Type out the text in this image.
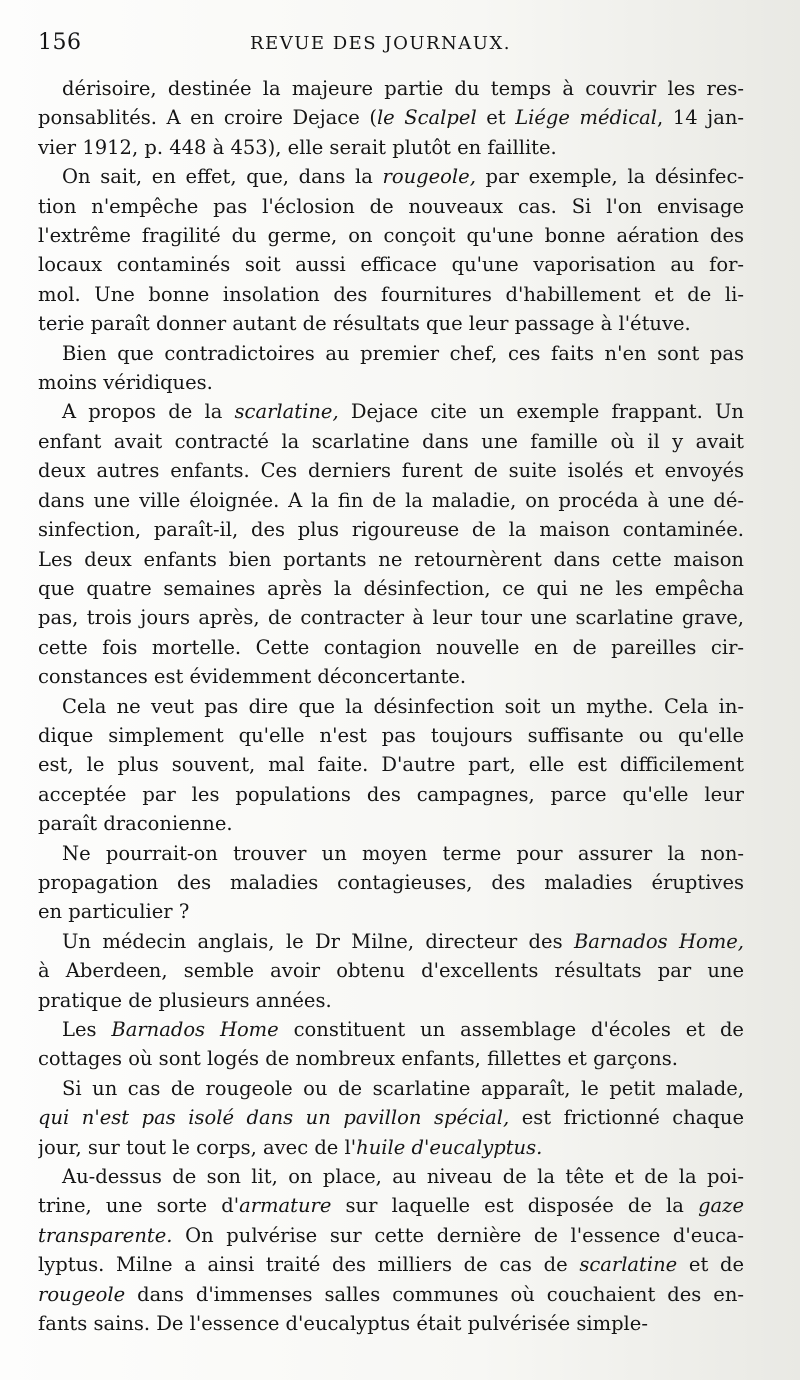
156	REVUE DES JOURNAUX.
dérisoire, destinée la majeure partie du temps à couvrir les res-
ponsablités. A en croire Dejace (le Scalpel et Liége médical, 14 jan-
vier 1912, p. 448 à 453), elle serait plutôt en faillite.
On sait, en effet, que, dans la rougeole, par exemple, la désinfec-
tion n'empêche pas l'éclosion de nouveaux cas. Si l'on envisage
l'extrême fragilité du germe, on conçoit qu'une bonne aération des
locaux contaminés soit aussi efficace qu'une vaporisation au for-
mol. Une bonne insolation des fournitures d'habillement et de li-
terie paraît donner autant de résultats que leur passage à l'étuve.
Bien que contradictoires au premier chef, ces faits n'en sont pas
moins véridiques.
A propos de la scarlatine, Dejace cite un exemple frappant. Un
enfant avait contracté la scarlatine dans une famille où il y avait
deux autres enfants. Ces derniers furent de suite isolés et envoyés
dans une ville éloignée. A la fin de la maladie, on procéda à une dé-
sinfection, paraît-il, des plus rigoureuse de la maison contaminée.
Les deux enfants bien portants ne retournèrent dans cette maison
que quatre semaines après la désinfection, ce qui ne les empêcha
pas, trois jours après, de contracter à leur tour une scarlatine grave,
cette fois mortelle. Cette contagion nouvelle en de pareilles cir-
constances est évidemment déconcertante.
Cela ne veut pas dire que la désinfection soit un mythe. Cela in-
dique simplement qu'elle n'est pas toujours suffisante ou qu'elle
est, le plus souvent, mal faite. D'autre part, elle est difficilement
acceptée par les populations des campagnes, parce qu'elle leur
paraît draconienne.
Ne pourrait-on trouver un moyen terme pour assurer la non-
propagation des maladies contagieuses, des maladies éruptives
en particulier ?
Un médecin anglais, le Dr Milne, directeur des Barnados Home,
à Aberdeen, semble avoir obtenu d'excellents résultats par une
pratique de plusieurs années.
Les Barnados Home constituent un assemblage d'écoles et de
cottages où sont logés de nombreux enfants, fillettes et garçons.
Si un cas de rougeole ou de scarlatine apparaît, le petit malade,
qui n'est pas isolé dans un pavillon spécial, est frictionné chaque
jour, sur tout le corps, avec de l'huile d'eucalyptus.
Au-dessus de son lit, on place, au niveau de la tête et de la poi-
trine, une sorte d'armature sur laquelle est disposée de la gaze
transparente. On pulvérise sur cette dernière de l'essence d'euca-
lyptus. Milne a ainsi traité des milliers de cas de scarlatine et de
rougeole dans d'immenses salles communes où couchaient des en-
fants sains. De l'essence d'eucalyptus était pulvérisée simple-
